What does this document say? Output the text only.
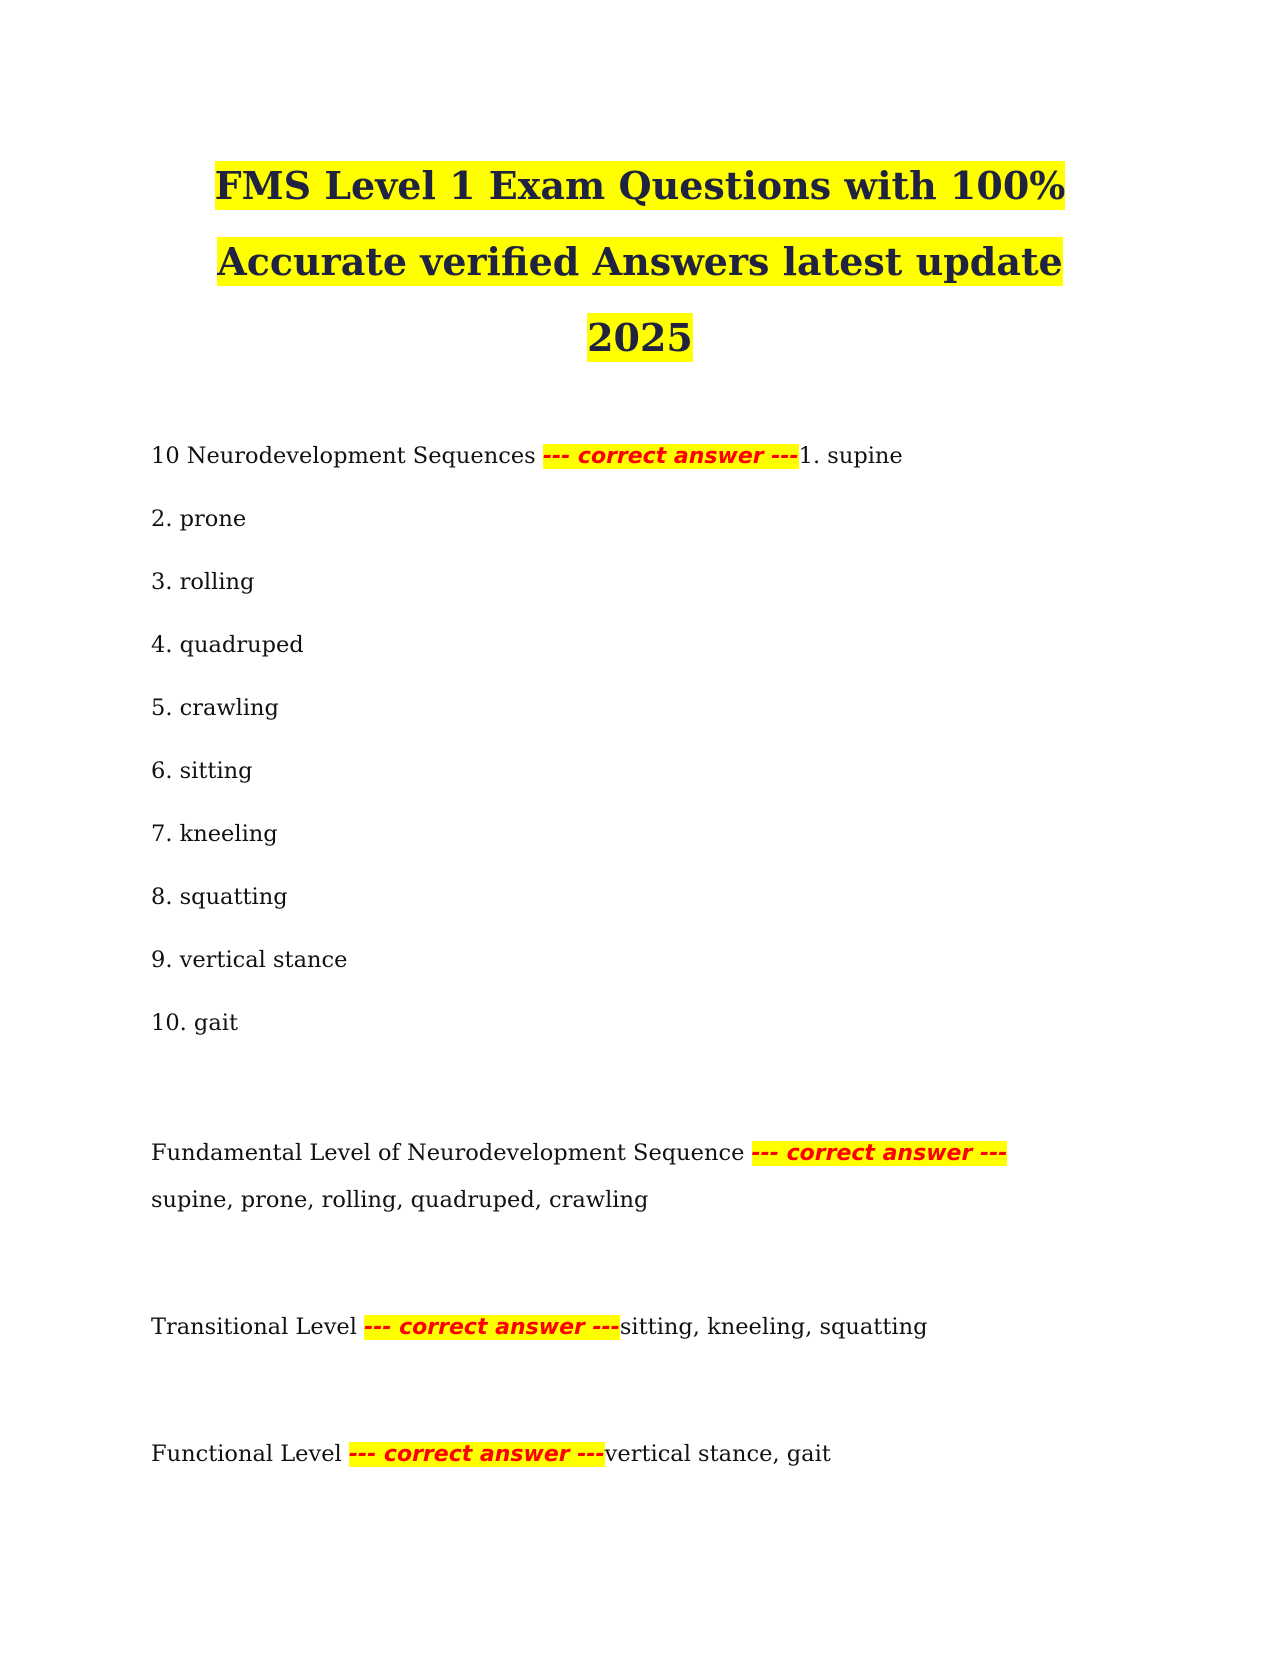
FMS Level 1 Exam Questions with 100%
Accurate verified Answers latest update
2025
10 Neurodevelopment Sequences --- correct answer ---1. supine
2. prone
3. rolling
4. quadruped
5. crawling
6. sitting
7. kneeling
8. squatting
9. vertical stance
10. gait
Fundamental Level of Neurodevelopment Sequence --- correct answer ---
supine, prone, rolling, quadruped, crawling
Transitional Level --- correct answer ---sitting, kneeling, squatting
Functional Level --- correct answer ---vertical stance, gait
